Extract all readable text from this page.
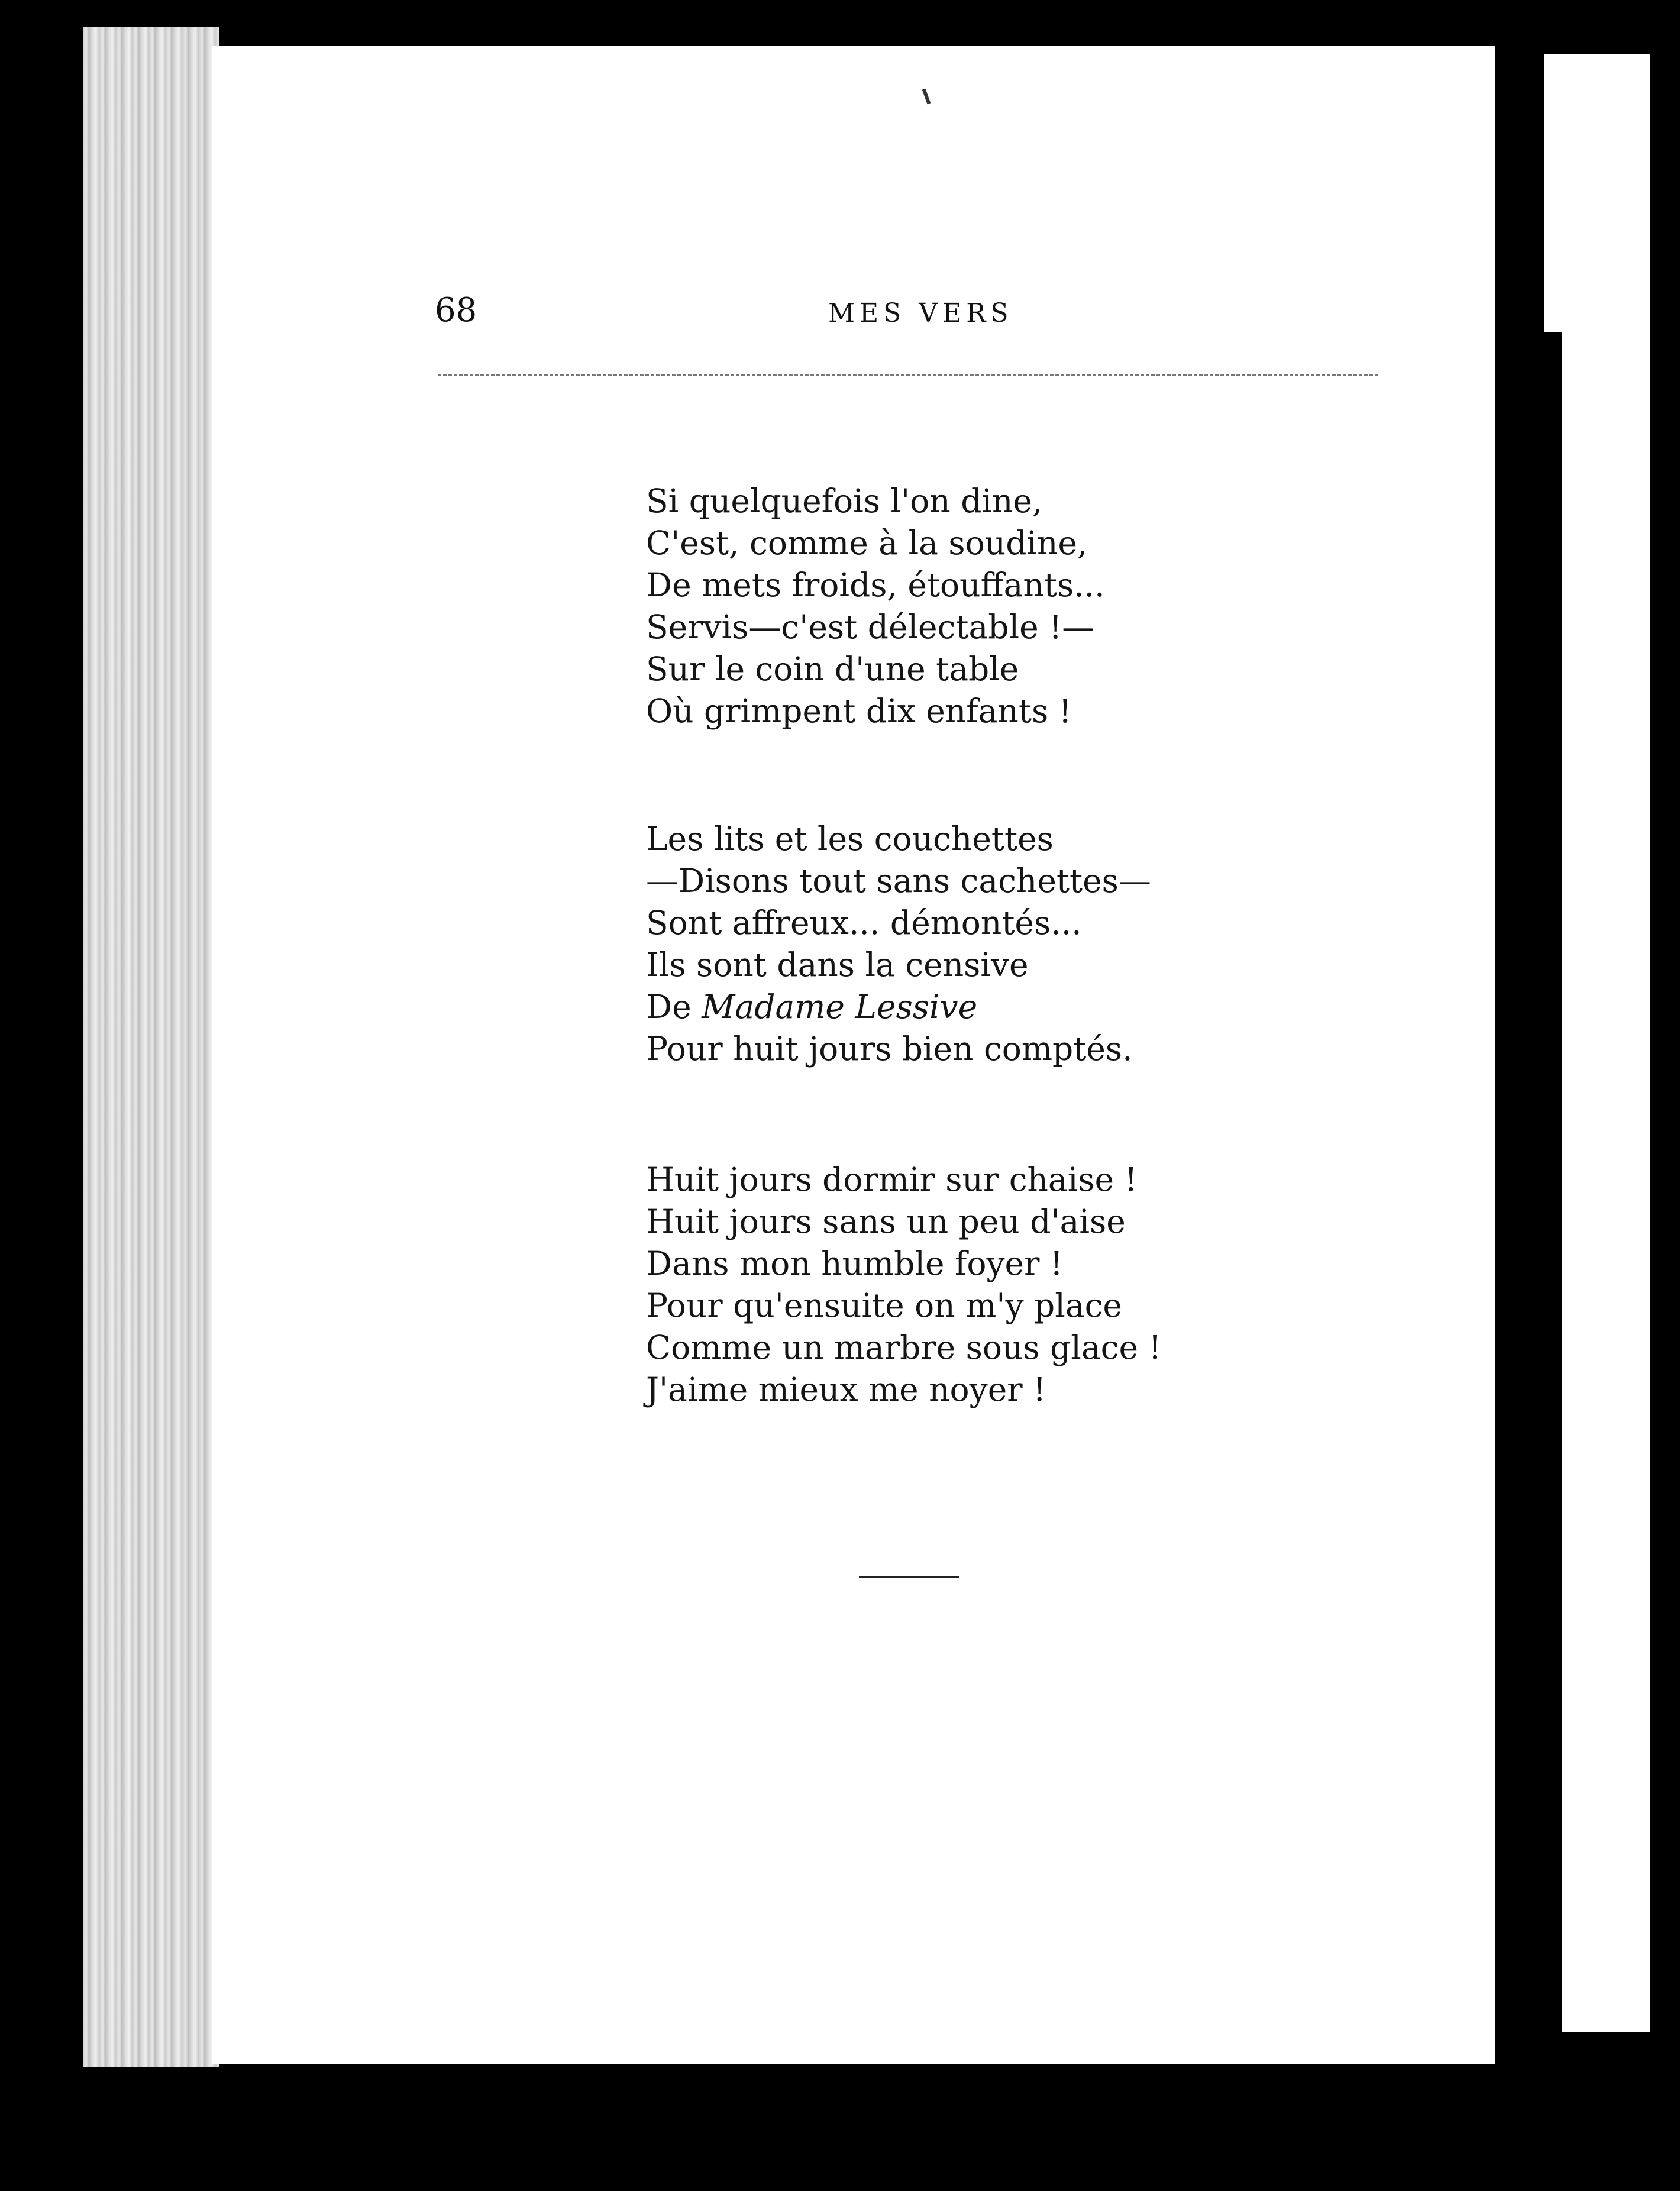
68	MES VERS
Si quelquefois l'on dine,
C'est, comme à la soudine,
De mets froids, étouffants...
Servis—c'est délectable !—
Sur le coin d'une table
Où grimpent dix enfants !
Les lits et les couchettes
—Disons tout sans cachettes—
Sont affreux... démontés...
Ils sont dans la censive
De Madame Lessive
Pour huit jours bien comptés.
Huit jours dormir sur chaise !
Huit jours sans un peu d'aise
Dans mon humble foyer !
Pour qu'ensuite on m'y place
Comme un marbre sous glace !
J'aime mieux me noyer !
